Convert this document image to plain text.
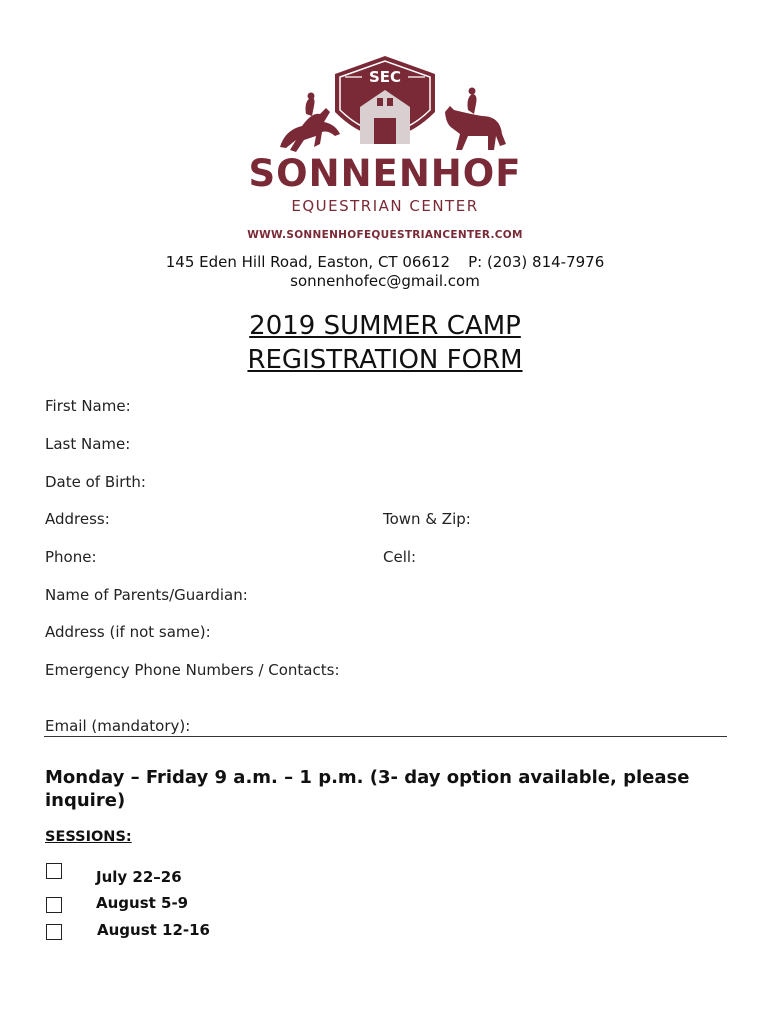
SEC
SONNENHOF
EQUESTRIAN CENTER
WWW.SONNENHOFEQUESTRIANCENTER.COM
145 Eden Hill Road, Easton, CT 06612 P: (203) 814-7976
sonnenhofec@gmail.com
2019 SUMMER CAMP
REGISTRATION FORM
First Name:
Last Name:
Date of Birth:
Address:	Town & Zip:
Phone:	Cell:
Name of Parents/Guardian:
Address (if not same):
Emergency Phone Numbers / Contacts:
Email (mandatory):
Monday – Friday 9 a.m. – 1 p.m. (3- day option available, please inquire)
SESSIONS:
July 22–26
August 5-9
August 12-16
